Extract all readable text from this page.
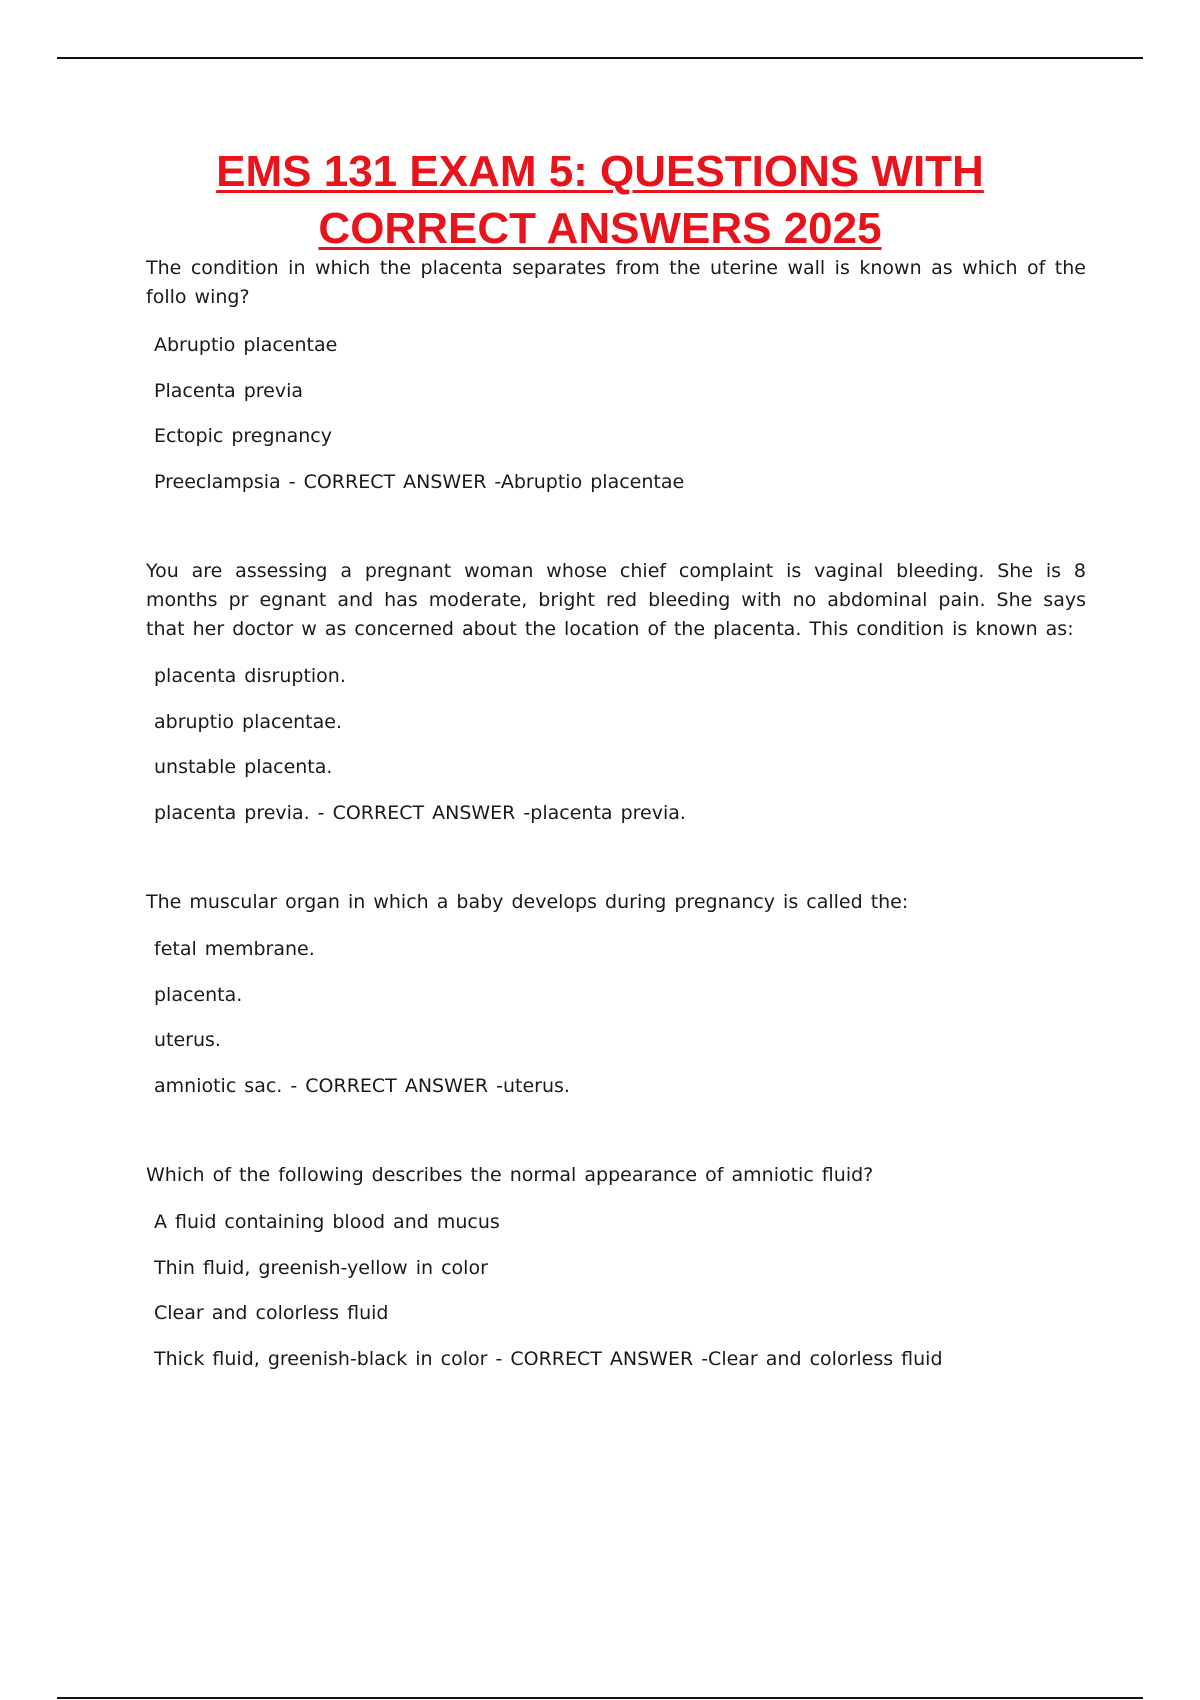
EMS 131 EXAM 5: QUESTIONS WITH
CORRECT ANSWERS 2025

The condition in which the placenta separates from the uterine wall is known as which of the follo wing?

Abruptio placentae

Placenta previa

Ectopic pregnancy

Preeclampsia - CORRECT ANSWER -Abruptio placentae

You are assessing a pregnant woman whose chief complaint is vaginal bleeding. She is 8 months pr egnant and has moderate, bright red bleeding with no abdominal pain. She says that her doctor w as concerned about the location of the placenta. This condition is known as:

placenta disruption.

abruptio placentae.

unstable placenta.

placenta previa. - CORRECT ANSWER -placenta previa.

The muscular organ in which a baby develops during pregnancy is called the:

fetal membrane.

placenta.

uterus.

amniotic sac. - CORRECT ANSWER -uterus.

Which of the following describes the normal appearance of amniotic fluid?

A fluid containing blood and mucus

Thin fluid, greenish-yellow in color

Clear and colorless fluid

Thick fluid, greenish-black in color - CORRECT ANSWER -Clear and colorless fluid
